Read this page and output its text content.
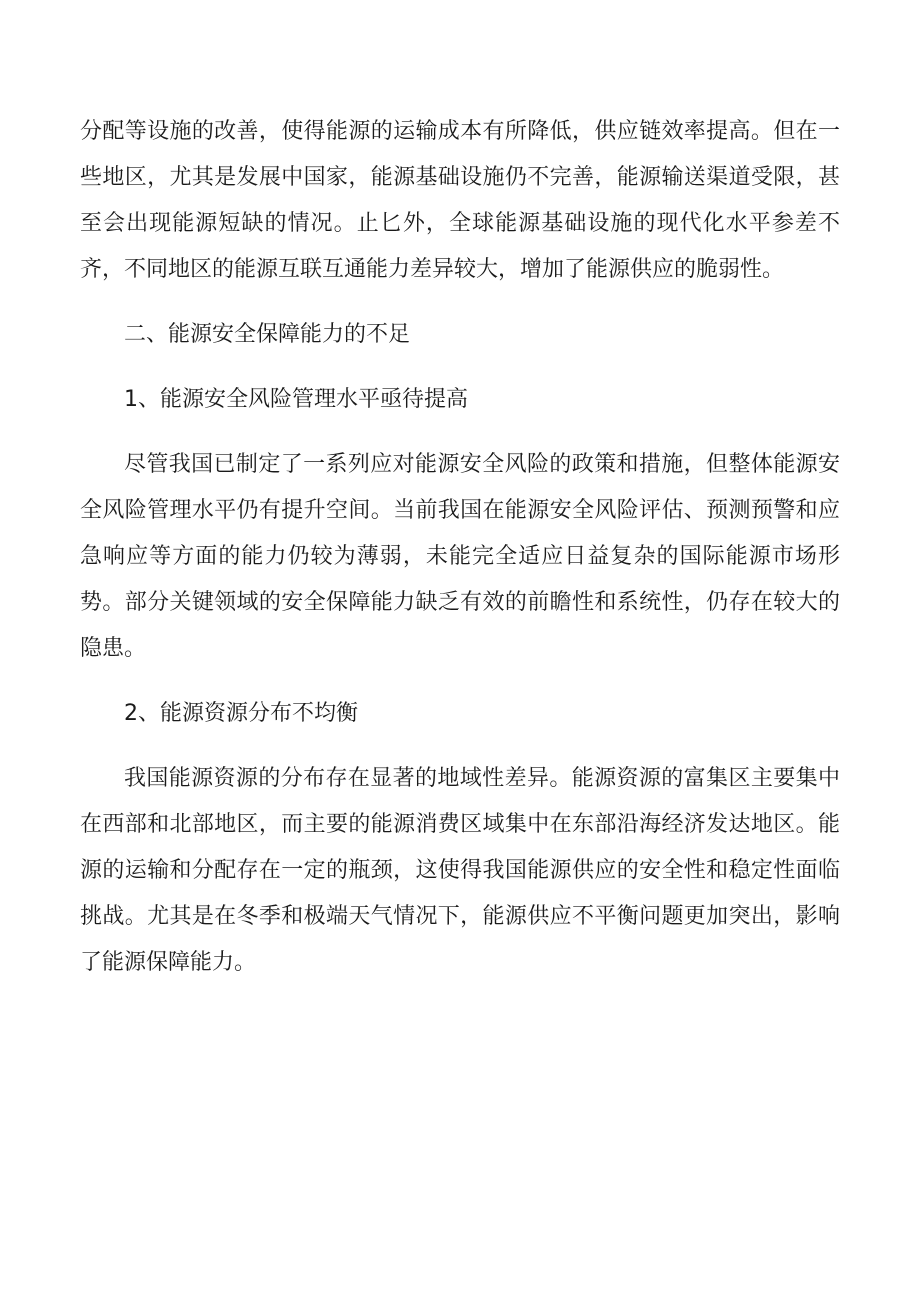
分配等设施的改善，使得能源的运输成本有所降低，供应链效率提高。但在一些地区，尤其是发展中国家，能源基础设施仍不完善，能源输送渠道受限，甚至会出现能源短缺的情况。止匕外，全球能源基础设施的现代化水平参差不齐，不同地区的能源互联互通能力差异较大，增加了能源供应的脆弱性。

二、能源安全保障能力的不足

1、能源安全风险管理水平亟待提高

尽管我国已制定了一系列应对能源安全风险的政策和措施，但整体能源安全风险管理水平仍有提升空间。当前我国在能源安全风险评估、预测预警和应急响应等方面的能力仍较为薄弱，未能完全适应日益复杂的国际能源市场形势。部分关键领域的安全保障能力缺乏有效的前瞻性和系统性，仍存在较大的隐患。

2、能源资源分布不均衡

我国能源资源的分布存在显著的地域性差异。能源资源的富集区主要集中在西部和北部地区，而主要的能源消费区域集中在东部沿海经济发达地区。能源的运输和分配存在一定的瓶颈，这使得我国能源供应的安全性和稳定性面临挑战。尤其是在冬季和极端天气情况下，能源供应不平衡问题更加突出，影响了能源保障能力。
